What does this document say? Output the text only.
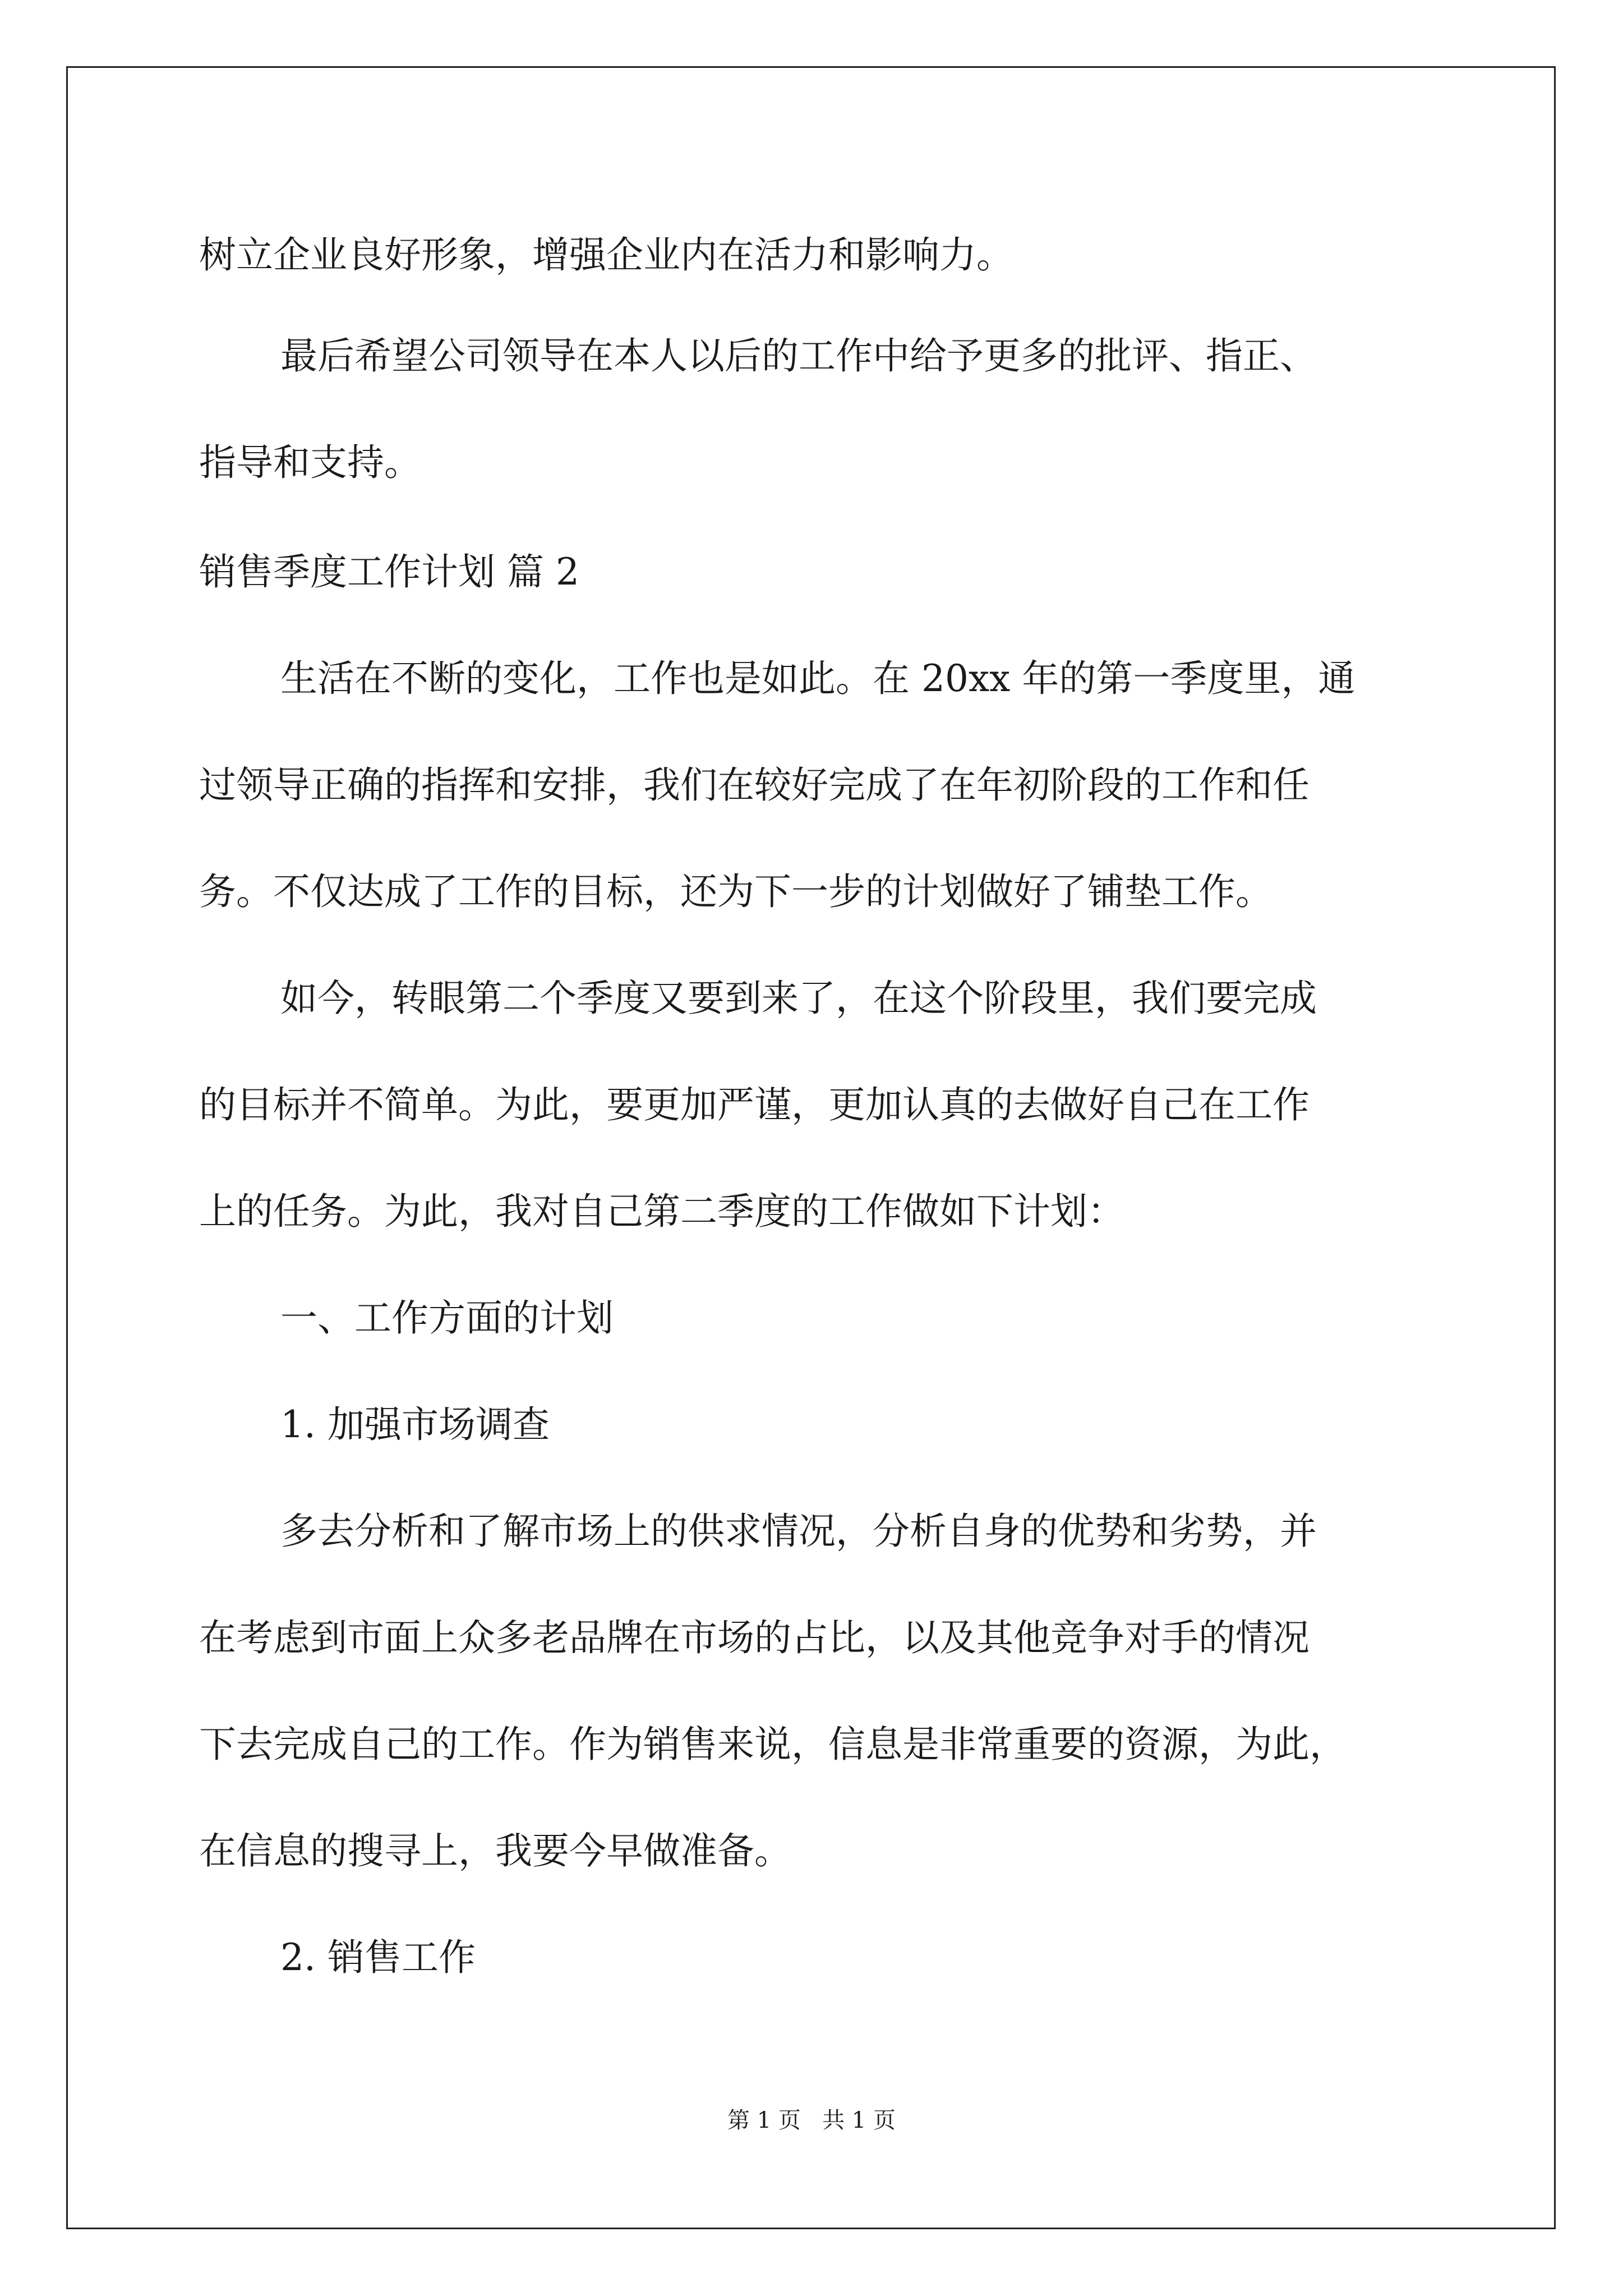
树立企业良好形象，增强企业内在活力和影响力。

最后希望公司领导在本人以后的工作中给予更多的批评、指正、

指导和支持。

销售季度工作计划 篇 2

生活在不断的变化，工作也是如此。在 20xx 年的第一季度里，通

过领导正确的指挥和安排，我们在较好完成了在年初阶段的工作和任

务。不仅达成了工作的目标，还为下一步的计划做好了铺垫工作。

如今，转眼第二个季度又要到来了，在这个阶段里，我们要完成

的目标并不简单。为此，要更加严谨，更加认真的去做好自己在工作

上的任务。为此，我对自己第二季度的工作做如下计划：

一、工作方面的计划

1. 加强市场调查

多去分析和了解市场上的供求情况，分析自身的优势和劣势，并

在考虑到市面上众多老品牌在市场的占比，以及其他竞争对手的情况

下去完成自己的工作。作为销售来说，信息是非常重要的资源，为此，

在信息的搜寻上，我要今早做准备。

2. 销售工作

第 1 页   共 1 页
